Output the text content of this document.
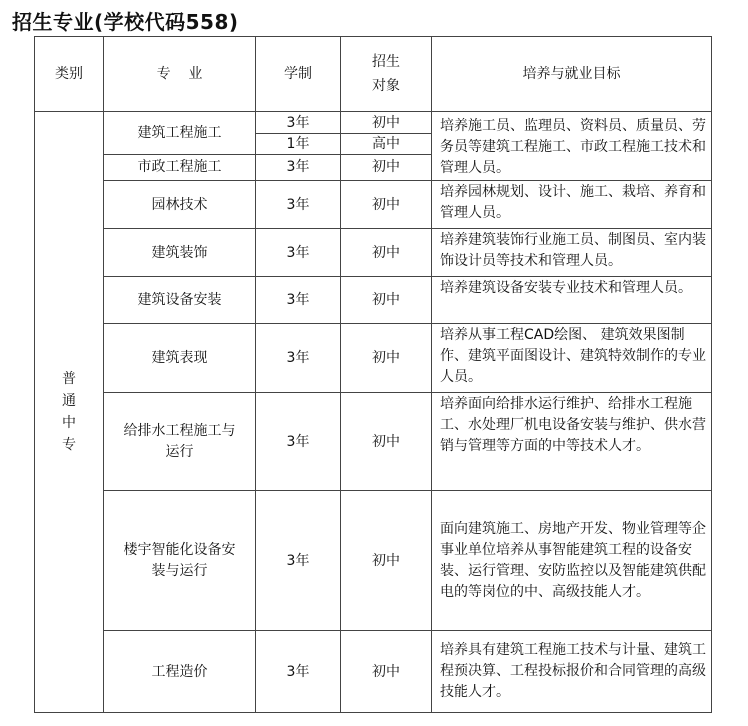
招生专业(学校代码558)
类别	专    业	学制	招生对象	培养与就业目标
普通中专	建筑工程施工	3年	初中	培养施工员、监理员、资料员、质量员、劳务员等建筑工程施工、市政工程施工技术和管理人员。
		1年	高中	
	市政工程施工	3年	初中	
	园林技术	3年	初中	培养园林规划、设计、施工、栽培、养育和管理人员。
	建筑装饰	3年	初中	培养建筑装饰行业施工员、制图员、室内装饰设计员等技术和管理人员。
	建筑设备安装	3年	初中	培养建筑设备安装专业技术和管理人员。
	建筑表现	3年	初中	培养从事工程CAD绘图、 建筑效果图制作、建筑平面图设计、建筑特效制作的专业人员。
	给排水工程施工与运行	3年	初中	培养面向给排水运行维护、给排水工程施工、水处理厂机电设备安装与维护、供水营销与管理等方面的中等技术人才。
	楼宇智能化设备安装与运行	3年	初中	面向建筑施工、房地产开发、物业管理等企事业单位培养从事智能建筑工程的设备安装、运行管理、安防监控以及智能建筑供配电的等岗位的中、高级技能人才。
	工程造价	3年	初中	培养具有建筑工程施工技术与计量、建筑工程预决算、工程投标报价和合同管理的高级技能人才。
